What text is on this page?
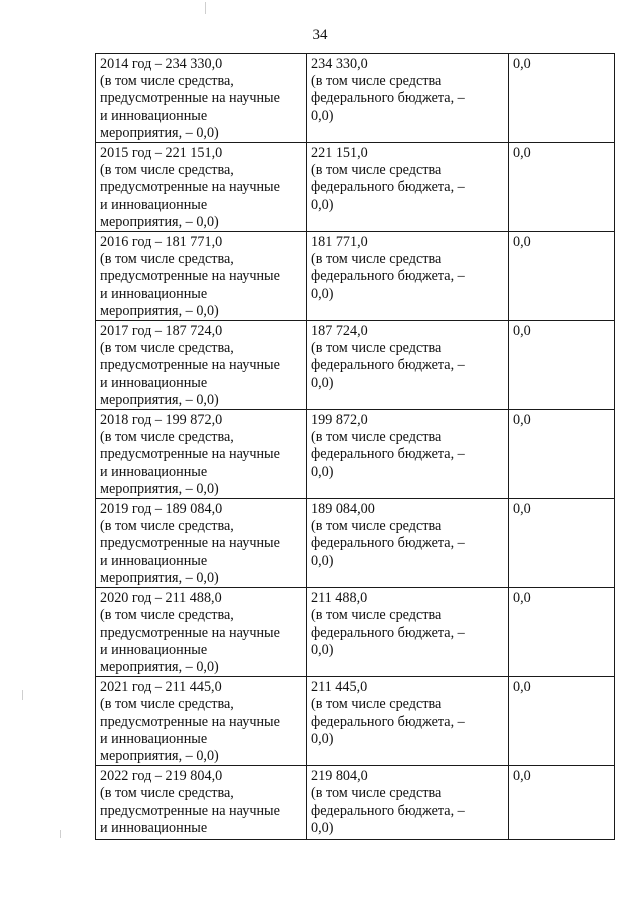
34
2014 год – 234 330,0
(в том числе средства,
предусмотренные на научные
и инновационные
мероприятия, – 0,0)	234 330,0
(в том числе средства
федерального бюджета, –
0,0)	0,0

2015 год – 221 151,0
(в том числе средства,
предусмотренные на научные
и инновационные
мероприятия, – 0,0)	221 151,0
(в том числе средства
федерального бюджета, –
0,0)	0,0

2016 год – 181 771,0
(в том числе средства,
предусмотренные на научные
и инновационные
мероприятия, – 0,0)	181 771,0
(в том числе средства
федерального бюджета, –
0,0)	0,0

2017 год – 187 724,0
(в том числе средства,
предусмотренные на научные
и инновационные
мероприятия, – 0,0)	187 724,0
(в том числе средства
федерального бюджета, –
0,0)	0,0

2018 год – 199 872,0
(в том числе средства,
предусмотренные на научные
и инновационные
мероприятия, – 0,0)	199 872,0
(в том числе средства
федерального бюджета, –
0,0)	0,0

2019 год – 189 084,0
(в том числе средства,
предусмотренные на научные
и инновационные
мероприятия, – 0,0)	189 084,00
(в том числе средства
федерального бюджета, –
0,0)	0,0

2020 год – 211 488,0
(в том числе средства,
предусмотренные на научные
и инновационные
мероприятия, – 0,0)	211 488,0
(в том числе средства
федерального бюджета, –
0,0)	0,0

2021 год – 211 445,0
(в том числе средства,
предусмотренные на научные
и инновационные
мероприятия, – 0,0)	211 445,0
(в том числе средства
федерального бюджета, –
0,0)	0,0

2022 год – 219 804,0
(в том числе средства,
предусмотренные на научные
и инновационные	219 804,0
(в том числе средства
федерального бюджета, –
0,0)	0,0
